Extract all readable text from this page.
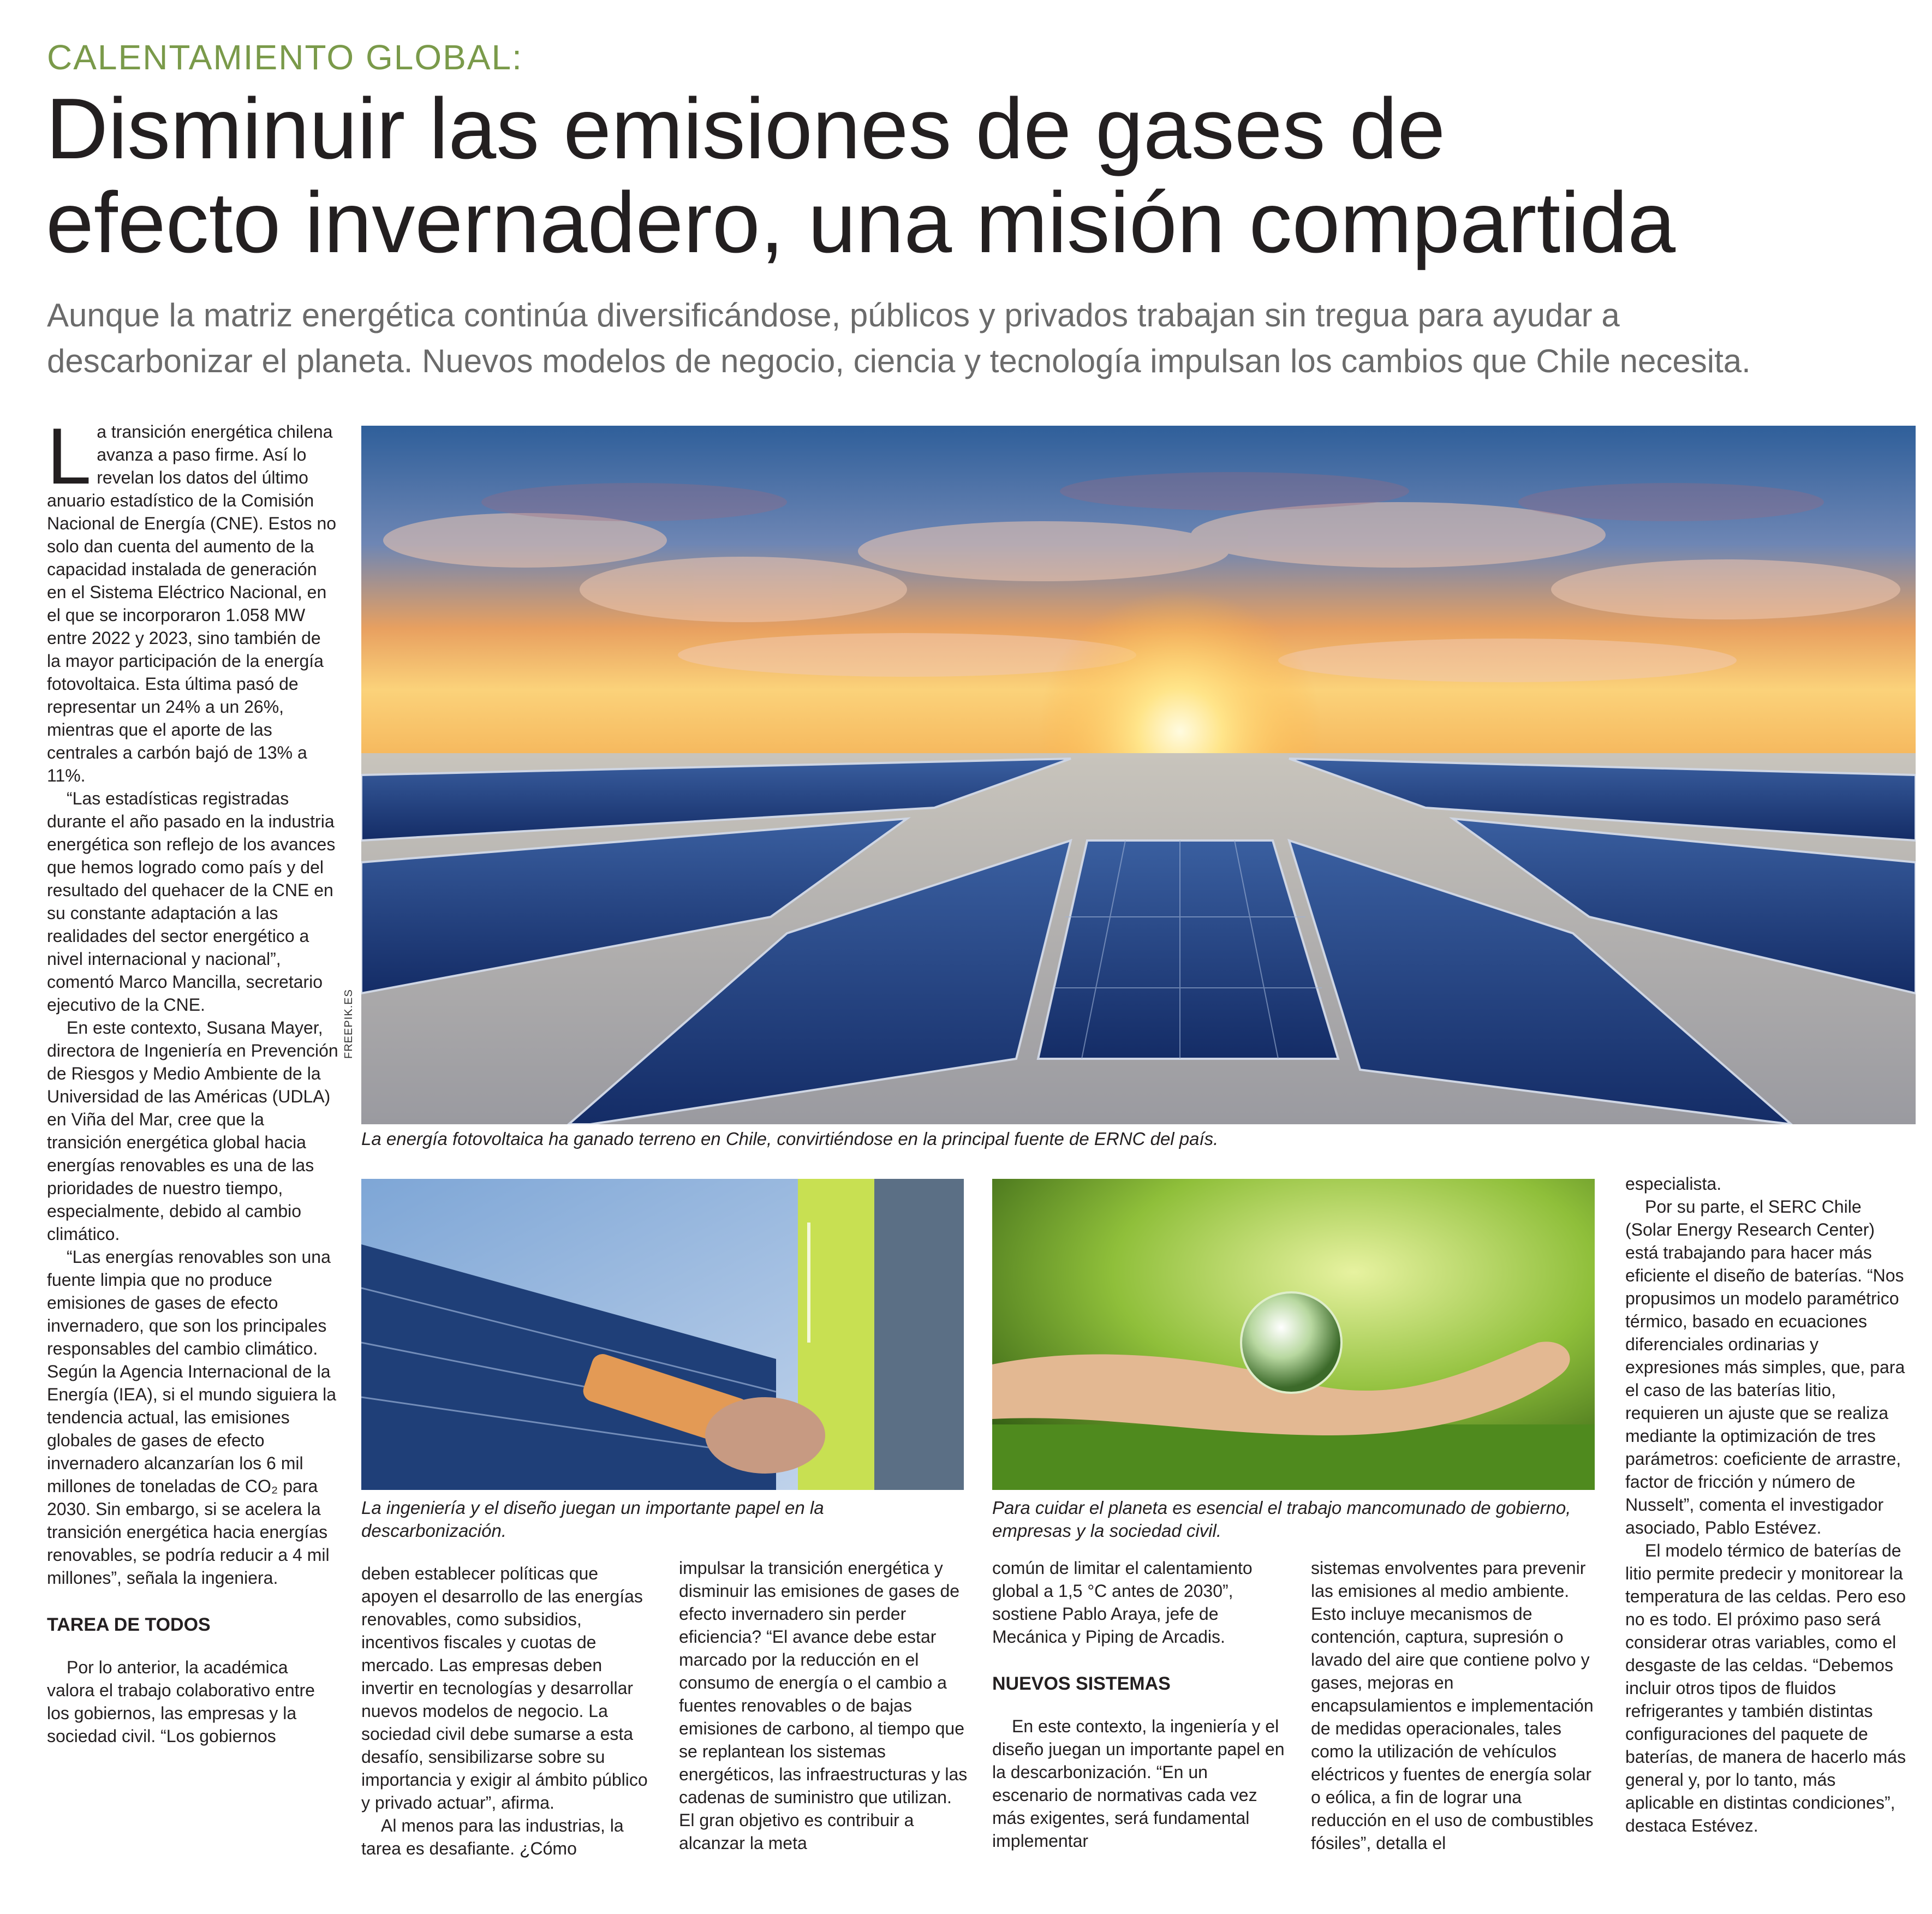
CALENTAMIENTO GLOBAL:
Disminuir las emisiones de gases de
efecto invernadero, una misión compartida
Aunque la matriz energética continúa diversificándose, públicos y privados trabajan sin tregua para ayudar a
descarbonizar el planeta. Nuevos modelos de negocio, ciencia y tecnología impulsan los cambios que Chile necesita.

La transición energética chilena avanza a paso firme. Así lo revelan los datos del último anuario estadístico de la Comisión Nacional de Energía (CNE). Estos no solo dan cuenta del aumento de la capacidad instalada de generación en el Sistema Eléctrico Nacional, en el que se incorporaron 1.058 MW entre 2022 y 2023, sino también de la mayor participación de la energía fotovoltaica. Esta última pasó de representar un 24% a un 26%, mientras que el aporte de las centrales a carbón bajó de 13% a 11%.

“Las estadísticas registradas durante el año pasado en la industria energética son reflejo de los avances que hemos logrado como país y del resultado del quehacer de la CNE en su constante adaptación a las realidades del sector energético a nivel internacional y nacional”, comentó Marco Mancilla, secretario ejecutivo de la CNE.

En este contexto, Susana Mayer, directora de Ingeniería en Prevención de Riesgos y Medio Ambiente de la Universidad de las Américas (UDLA) en Viña del Mar, cree que la transición energética global hacia energías renovables es una de las prioridades de nuestro tiempo, especialmente, debido al cambio climático.

“Las energías renovables son una fuente limpia que no produce emisiones de gases de efecto invernadero, que son los principales responsables del cambio climático. Según la Agencia Internacional de la Energía (IEA), si el mundo siguiera la tendencia actual, las emisiones globales de gases de efecto invernadero alcanzarían los 6 mil millones de toneladas de CO₂ para 2030. Sin embargo, si se acelera la transición energética hacia energías renovables, se podría reducir a 4 mil millones”, señala la ingeniera.

TAREA DE TODOS

Por lo anterior, la académica valora el trabajo colaborativo entre los gobiernos, las empresas y la sociedad civil. “Los gobiernos

FREEPIK.ES
La energía fotovoltaica ha ganado terreno en Chile, convirtiéndose en la principal fuente de ERNC del país.
La ingeniería y el diseño juegan un importante papel en la descarbonización.
Para cuidar el planeta es esencial el trabajo mancomunado de gobierno, empresas y la sociedad civil.

deben establecer políticas que apoyen el desarrollo de las energías renovables, como subsidios, incentivos fiscales y cuotas de mercado. Las empresas deben invertir en tecnologías y desarrollar nuevos modelos de negocio. La sociedad civil debe sumarse a esta desafío, sensibilizarse sobre su importancia y exigir al ámbito público y privado actuar”, afirma.

Al menos para las industrias, la tarea es desafiante. ¿Cómo

impulsar la transición energética y disminuir las emisiones de gases de efecto invernadero sin perder eficiencia? “El avance debe estar marcado por la reducción en el consumo de energía o el cambio a fuentes renovables o de bajas emisiones de carbono, al tiempo que se replantean los sistemas energéticos, las infraestructuras y las cadenas de suministro que utilizan. El gran objetivo es contribuir a alcanzar la meta

común de limitar el calentamiento global a 1,5 °C antes de 2030”, sostiene Pablo Araya, jefe de Mecánica y Piping de Arcadis.

NUEVOS SISTEMAS

En este contexto, la ingeniería y el diseño juegan un importante papel en la descarbonización. “En un escenario de normativas cada vez más exigentes, será fundamental implementar

sistemas envolventes para prevenir las emisiones al medio ambiente. Esto incluye mecanismos de contención, captura, supresión o lavado del aire que contiene polvo y gases, mejoras en encapsulamientos e implementación de medidas operacionales, tales como la utilización de vehículos eléctricos y fuentes de energía solar o eólica, a fin de lograr una reducción en el uso de combustibles fósiles”, detalla el

especialista.

Por su parte, el SERC Chile (Solar Energy Research Center) está trabajando para hacer más eficiente el diseño de baterías. “Nos propusimos un modelo paramétrico térmico, basado en ecuaciones diferenciales ordinarias y expresiones más simples, que, para el caso de las baterías litio, requieren un ajuste que se realiza mediante la optimización de tres parámetros: coeficiente de arrastre, factor de fricción y número de Nusselt”, comenta el investigador asociado, Pablo Estévez.

El modelo térmico de baterías de litio permite predecir y monitorear la temperatura de las celdas. Pero eso no es todo. El próximo paso será considerar otras variables, como el desgaste de las celdas. “Debemos incluir otros tipos de fluidos refrigerantes y también distintas configuraciones del paquete de baterías, de manera de hacerlo más general y, por lo tanto, más aplicable en distintas condiciones”, destaca Estévez.
